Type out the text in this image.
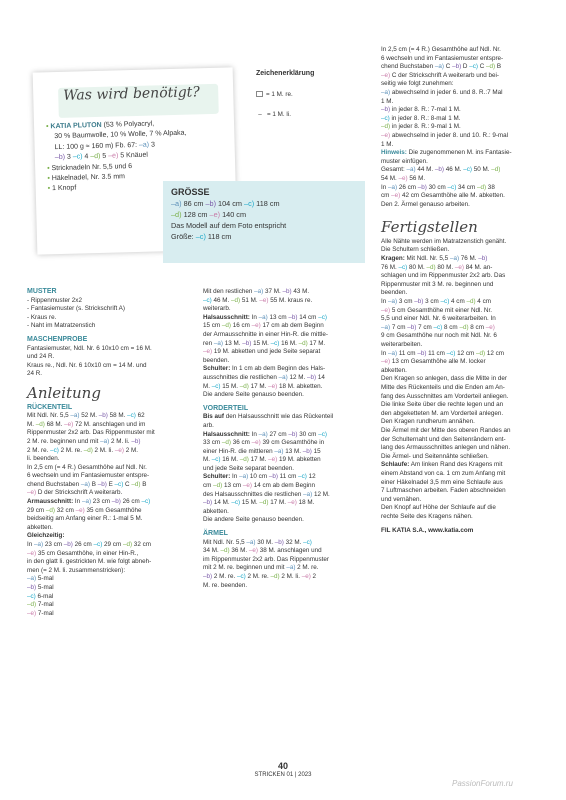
Was wird benötigt?
• KATIA PLUTON (53 % Polyacryl,
30 % Baumwolle, 10 % Wolle, 7 % Alpaka,
LL: 100 g ≈ 160 m) Fb. 67: –a) 3
–b) 3 –c) 4 –d) 5 –e) 5 Knäuel
• Stricknadeln Nr. 5,5 und 6
• Häkelnadel, Nr. 3.5 mm
• 1 Knopf
Zeichenerklärung
= 1 M. re.
– = 1 M. li.
GRÖSSE
–a) 86 cm –b) 104 cm –c) 118 cm
–d) 128 cm –e) 140 cm
Das Modell auf dem Foto entspricht
Größe: –c) 118 cm
MUSTER
- Rippenmuster 2x2
- Fantasiemuster (s. Strickschrift A)
- Kraus re.
- Naht im Matratzenstich
MASCHENPROBE
Fantasiemuster, Ndl. Nr. 6 10x10 cm = 16 M.
und 24 R.
Kraus re., Ndl. Nr. 6 10x10 cm = 14 M. und
24 R.
Anleitung
RÜCKENTEIL
Mit Ndl. Nr. 5,5 –a) 52 M. –b) 58 M. –c) 62
M. –d) 68 M. –e) 72 M. anschlagen und im
Rippenmuster 2x2 arb. Das Rippenmuster mit
2 M. re. beginnen und mit –a) 2 M. li. –b)
2 M. re. –c) 2 M. re. –d) 2 M. li. –e) 2 M.
li. beenden.
In 2,5 cm (= 4 R.) Gesamthöhe auf Ndl. Nr.
6 wechseln und im Fantasiemuster entspre-
chend Buchstaben –a) B –b) E –c) C –d) B
–e) D der Strickschrift A weiterarb.
Armausschnitt: In –a) 23 cm –b) 26 cm –c)
29 cm –d) 32 cm –e) 35 cm Gesamthöhe
beidseitig am Anfang einer R.: 1-mal 5 M.
abketten.
Gleichzeitig:
In –a) 23 cm –b) 26 cm –c) 29 cm –d) 32 cm
–e) 35 cm Gesamthöhe, in einer Hin-R.,
in den glatt li. gestrickten M. wie folgt abneh-
men (= 2 M. li. zusammenstricken):
–a) 5-mal
–b) 5-mal
–c) 6-mal
–d) 7-mal
–e) 7-mal
Mit den restlichen –a) 37 M. –b) 43 M.
–c) 46 M. –d) 51 M. –e) 55 M. kraus re.
weiterarb.
Halsausschnitt: In –a) 13 cm –b) 14 cm –c)
15 cm –d) 16 cm –e) 17 cm ab dem Beginn
der Armausschnitte in einer Hin-R. die mittle-
ren –a) 13 M. –b) 15 M. –c) 16 M. –d) 17 M.
–e) 19 M. abketten und jede Seite separat
beenden.
Schulter: In 1 cm ab dem Beginn des Hals-
ausschnittes die restlichen –a) 12 M. –b) 14
M. –c) 15 M. –d) 17 M. –e) 18 M. abketten.
Die andere Seite genauso beenden.
VORDERTEIL
Bis auf den Halsausschnitt wie das Rückenteil
arb.
Halsausschnitt: In –a) 27 cm –b) 30 cm –c)
33 cm –d) 36 cm –e) 39 cm Gesamthöhe in
einer Hin-R. die mittleren –a) 13 M. –b) 15
M. –c) 16 M. –d) 17 M. –e) 19 M. abketten
und jede Seite separat beenden.
Schulter: In –a) 10 cm –b) 11 cm –c) 12
cm –d) 13 cm –e) 14 cm ab dem Beginn
des Halsausschnittes die restlichen –a) 12 M.
–b) 14 M. –c) 15 M. –d) 17 M. –e) 18 M.
abketten.
Die andere Seite genauso beenden.
ÄRMEL
Mit Ndl. Nr. 5,5 –a) 30 M. –b) 32 M. –c)
34 M. –d) 36 M. –e) 38 M. anschlagen und
im Rippenmuster 2x2 arb. Das Rippenmuster
mit 2 M. re. beginnen und mit –a) 2 M. re.
–b) 2 M. re. –c) 2 M. re. –d) 2 M. li. –e) 2
M. re. beenden.
In 2,5 cm (= 4 R.) Gesamthöhe auf Ndl. Nr.
6 wechseln und im Fantasiemuster entspre-
chend Buchstaben –a) C –b) D –c) C –d) B
–e) C der Strickschrift A weiterarb und bei-
seitig wie folgt zunehmen:
–a) abwechselnd in jeder 6. und 8. R.:7 Mal
1 M.
–b) in jeder 8. R.: 7-mal 1 M.
–c) in jeder 8. R.: 8-mal 1 M.
–d) in jeder 8. R.: 9-mal 1 M.
–e) abwechselnd in jeder 8. und 10. R.: 9-mal
1 M.
Hinweis: Die zugenommenen M. ins Fantasie-
muster einfügen.
Gesamt: –a) 44 M. –b) 46 M. –c) 50 M. –d)
54 M. –e) 56 M.
In –a) 26 cm –b) 30 cm –c) 34 cm –d) 38
cm –e) 42 cm Gesamthöhe alle M. abketten.
Den 2. Ärmel genauso arbeiten.
Fertigstellen
Alle Nähte werden im Matratzenstich genäht.
Die Schultern schließen.
Kragen: Mit Ndl. Nr. 5,5 –a) 76 M. –b)
76 M. –c) 80 M. –d) 80 M. –e) 84 M. an-
schlagen und im Rippenmuster 2x2 arb. Das
Rippenmuster mit 3 M. re. beginnen und
beenden.
In –a) 3 cm –b) 3 cm –c) 4 cm –d) 4 cm
–e) 5 cm Gesamthöhe mit einer Ndl. Nr.
5,5 und einer Ndl. Nr. 6 weiterarbeiten. In
–a) 7 cm –b) 7 cm –c) 8 cm –d) 8 cm –e)
9 cm Gesamthöhe nur noch mit Ndl. Nr. 6
weiterarbeiten.
In –a) 11 cm –b) 11 cm –c) 12 cm –d) 12 cm
–e) 13 cm Gesamthöhe alle M. locker
abketten.
Den Kragen so anlegen, dass die Mitte in der
Mitte des Rückenteils und die Enden am An-
fang des Ausschnittes am Vorderteil anliegen.
Die linke Seite über die rechte legen und an
den abgeketteten M. am Vorderteil anlegen.
Den Kragen rundherum annähen.
Die Ärmel mit der Mitte des oberen Randes an
der Schulternaht und den Seitenrändern ent-
lang des Armausschnittes anlegen und nähen.
Die Ärmel- und Seitennähte schließen.
Schlaufe: Am linken Rand des Kragens mit
einem Abstand von ca. 1 cm zum Anfang mit
einer Häkelnadel 3,5 mm eine Schlaufe aus
7 Luftmaschen arbeiten. Faden abschneiden
und vernähen.
Den Knopf auf Höhe der Schlaufe auf die
rechte Seite des Kragens nähen.
FIL KATIA S.A., www.katia.com
40
STRICKEN 01 | 2023
PassionForum.ru
